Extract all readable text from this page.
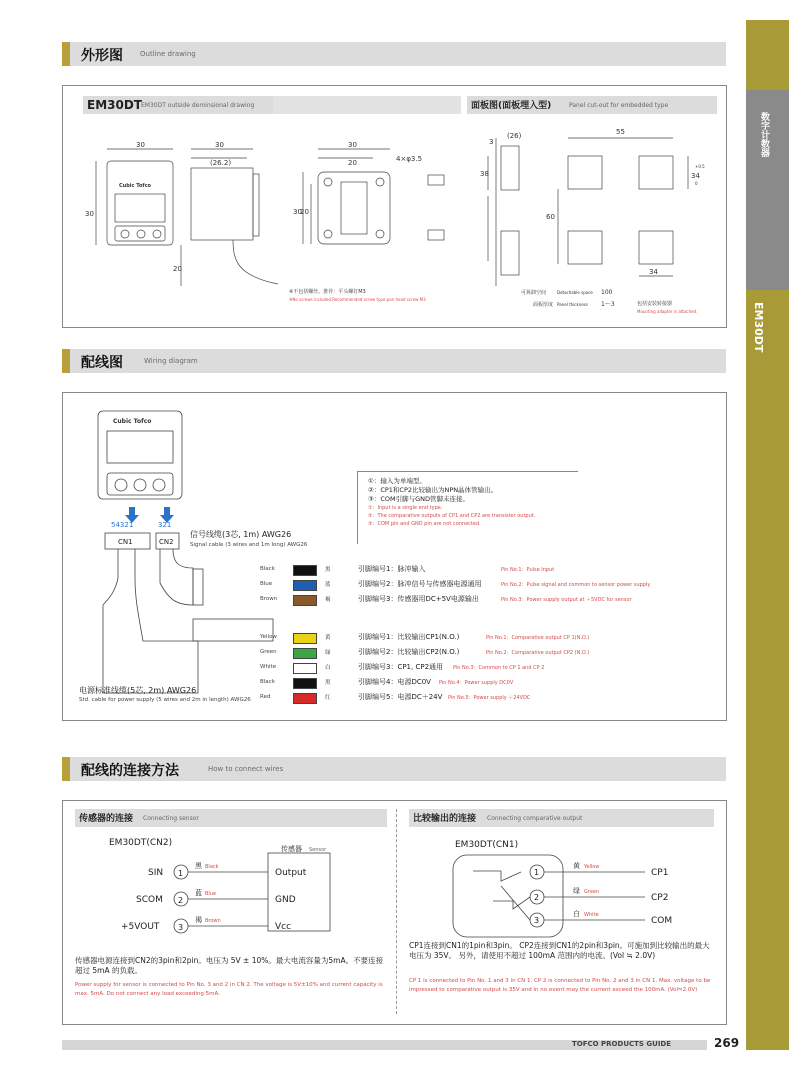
数字计数器
EM30DT
外形图 Outline drawing
EM30DT EM30DT outside deminsional drawing	面板图(面板埋入型)	Panel cut-out for embedded type
30	30
(26.2)
30
20
30
20	4×φ3.5
30
20
3
(26)
38
55
60
34
34
+0.5
0
Cubic Tofco
※不包括螺丝。推荐：平头螺钉M3
※No screws included.Recommended screw type:pan head screw M3
可拆卸空间	Detachable space 100
面板厚度 Panel thickness 1～3	包括安装转接器
Mounting adapter is attached.
配线图	Wiring diagram
Cubic Tofco
54321	321
CN1	CN2
信号线缆(3芯, 1m) AWG26
Signal cable (3 wires and 1m long) AWG26
电源标准线缆(5芯, 2m) AWG26
Std. cable for power supply (5 wires and 2m in length) AWG26
①：输入为单端型。
②：CP1和CP2比较输出为NPN晶体管输出。
③：COM引脚与GND管脚未连接。
①：Input is a single end type.
②：The comparative outputs of CP1 and CP2 are transister output.
③：COM pin and GND pin are not connected.
Black	黑	引脚编号1：脉冲输入	Pin No.1：Pulse Input
Blue	蓝	引脚编号2：脉冲信号与传感器电源通用	Pin No.2：Pulse signal and common to sensor power supply
Brown	褐	引脚编号3：传感器用DC+5V电源输出	Pin No.3：Power supply output at ＋5VDC for sensor
Yellow	黄	引脚编号1：比较输出CP1(N.O.)	Pin No.1：Comparative output CP 1(N.O.)
Green	绿	引脚编号2：比较输出CP2(N.O.)	Pin No.2：Comparative output CP2 (N.O.)
White	白	引脚编号3：CP1, CP2通用 Pin No.3：Common to CP 1 and CP 2
Black	黑	引脚编号4：电源DC0V Pin No.4：Power supply DC0V
Red	红	引脚编号5：电源DC＋24V Pin No.5：Power supply ＋24VDC
配线的连接方法	How to connect wires
传感器的连接 Connecting sensor
EM30DT(CN2)
传感器 Sensor
SIN
SCOM
+5VOUT
1
2
3
Output
GND
Vcc
黑
蓝
褐
Black
Blue
Brown
传感器电源连接到CN2的3pin和2pin。电压为 5V ± 10%。最大电流容量为5mA。不要连接超过 5mA 的负载。
Power supply for sensor is connected to Pin No. 3 and 2 in CN 2. The voltage is 5V±10% and current capacity is max. 5mA. Do not connect any load exceeding 5mA.
比较输出的连接 Connecting comparative output
EM30DT(CN1)
1
2
3
CP1
CP2
COM
黄
绿
白
Yellow
Green
White
CP1连接到CN1的1pin和3pin。 CP2连接到CN1的2pin和3pin。可施加到比较输出的最大电压为 35V。 另外，请使用不超过 100mA 范围内的电流。(Vol ≒ 2.0V)
CP 1 is connected to Pin No. 1 and 3 in CN 1. CP 2 is connected to Pin No. 2 and 3 in CN 1. Max. voltage to be impressed to comparative output is 35V and in no event may the current exceed the 100mA. (Vol≒2.0V)
TOFCO PRODUCTS GUIDE	269
